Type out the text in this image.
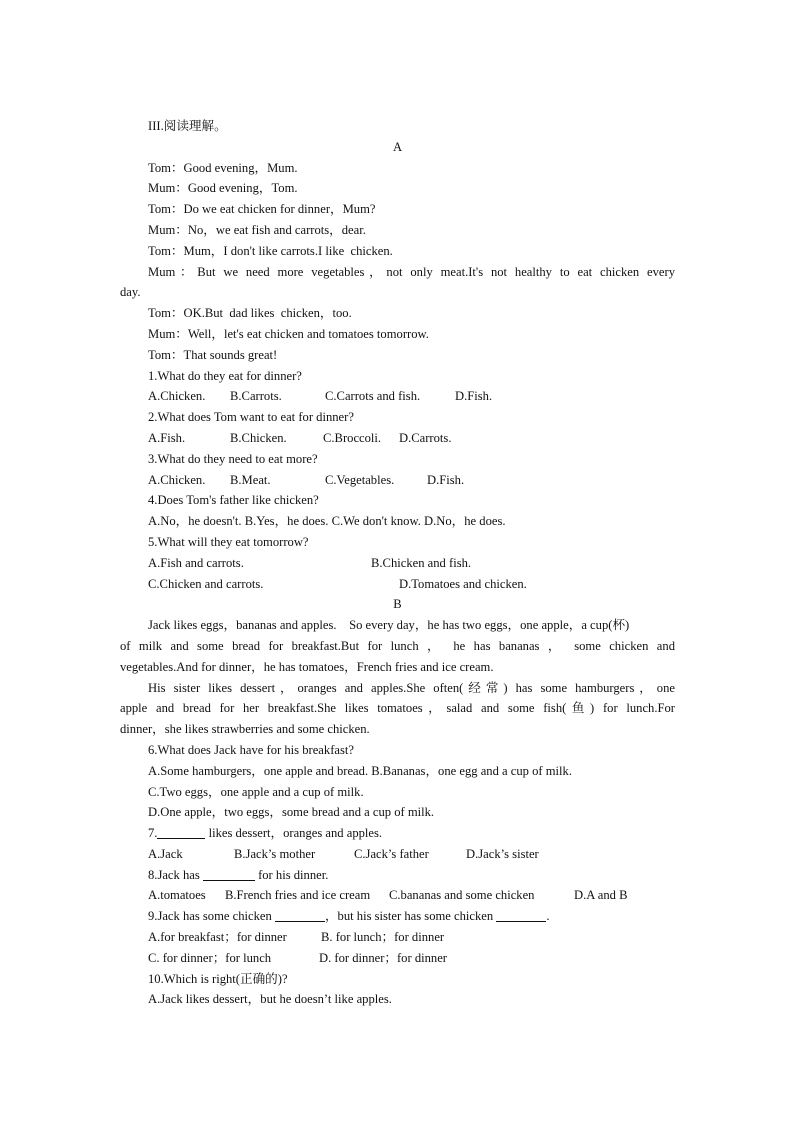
III.阅读理解。
A
Tom：Good evening，Mum.
Mum：Good evening，Tom.
Tom：Do we eat chicken for dinner，Mum?
Mum：No，we eat fish and carrots，dear.
Tom：Mum，I don't like carrots.I like  chicken.
Mum：But we need more vegetables，not only meat.It's not healthy to eat chicken every
day.
Tom：OK.But  dad likes  chicken，too.
Mum：Well，let's eat chicken and tomatoes tomorrow.
Tom：That sounds great!
1.What do they eat for dinner?
A.Chicken. B.Carrots.	C.Carrots and fish.	D.Fish.
2.What does Tom want to eat for dinner?
A.Fish.	B.Chicken.	C.Broccoli. D.Carrots.
3.What do they need to eat more?
A.Chicken. B.Meat.	C.Vegetables.	D.Fish.
4.Does Tom's father like chicken?
A.No，he doesn't. B.Yes，he does. C.We don't know. D.No，he does.
5.What will they eat tomorrow?
A.Fish and carrots.	B.Chicken and fish.
C.Chicken and carrots.	D.Tomatoes and chicken.
B
Jack likes eggs，bananas and apples.    So every day，he has two eggs，one apple，a cup(杯)
of milk and some bread for breakfast.But for lunch ， he has bananas ， some chicken and
vegetables.And for dinner，he has tomatoes，French fries and ice cream.
His sister likes dessert，oranges and apples.She often(经常) has some hamburgers，one
apple and bread for her breakfast.She likes tomatoes，salad and some fish(鱼) for lunch.For
dinner，she likes strawberries and some chicken.
6.What does Jack have for his breakfast?
A.Some hamburgers，one apple and bread. B.Bananas，one egg and a cup of milk.
C.Two eggs，one apple and a cup of milk.
D.One apple，two eggs，some bread and a cup of milk.
7.	likes dessert，oranges and apples.
A.Jack	B.Jack’s mother	C.Jack’s father	D.Jack’s sister
8.Jack has	for his dinner.
A.tomatoes B.French fries and ice cream C.bananas and some chicken	D.A and B
9.Jack has some chicken	，but his sister has some chicken	.
A.for breakfast；for dinner	B. for lunch；for dinner
C. for dinner；for lunch	D. for dinner；for dinner
10.Which is right(正确的)?
A.Jack likes dessert，but he doesn’t like apples.
